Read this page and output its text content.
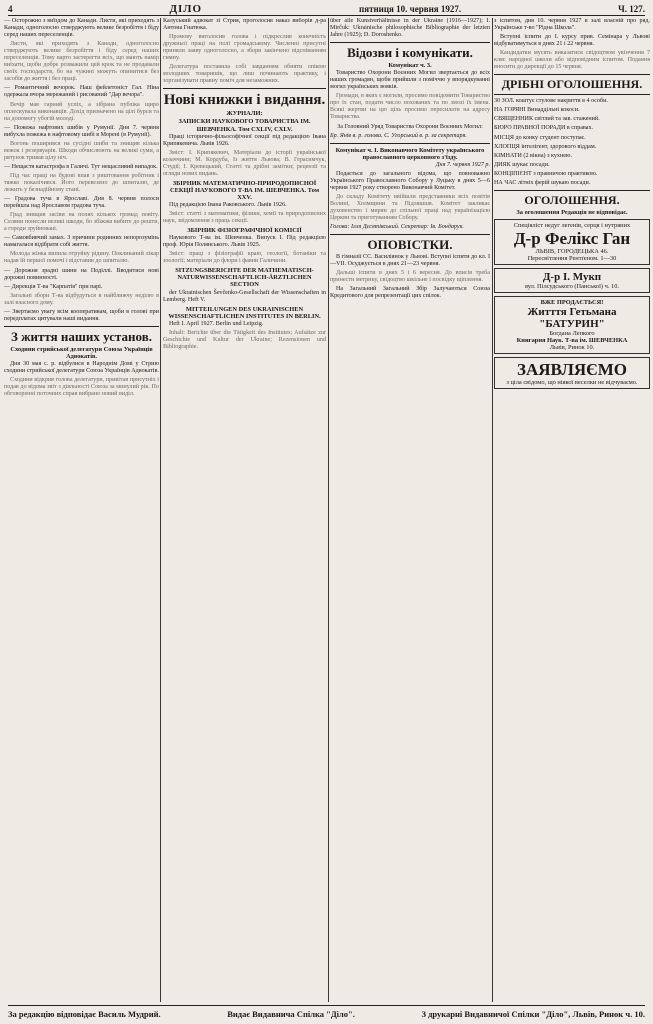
4	ДІЛО	пятниця 10. червня 1927.	Ч. 127.

— Осторожно з виїздом до Канади. Листи, які приходять з Канади, одноголосно стверджують велике безробіття і біду серед наших переселенців.

Листи, які приходять з Канади, одноголосно стверджують велике безробіття і біду серед наших переселенців. Тому варто застерегти всіх, що мають намір виїхати, щоби добре розважили цей крок та не продавали своїх господарств, бо на чужині можуть опинитися без засобів до життя і без праці.

— Романтичний вечорок. Наш фейлетоніст Гал. Ніна одержала вчора мережаний і рисований "Дар вечора".

Вечір мав гарний успіх, а зібрана публіка щиро оплескувала виконавців. Дохід призначено на цілі бурси та на допомогу убогій молоді.

— Пожежа нафтових шибів у Румунії. Дня 7. червня вибухла пожежа в нафтовому шибі в Морені (в Румунії).

Вогонь поширився на сусідні шиби та знищив кілька вежок і резервуарів. Шкоди обчислюють на великі суми, а рятунок тривав цілу ніч.

— Нещастя катастрофа в Галичі. Тут нещасливий випадок.

Під час праці на будові впав з риштовання робітник і тяжко покалічився. Його перевезено до шпиталю, де лежить у безнадійному стані.

— Градова туча в Ярославі. Дня 8. червня полоси перейшла над Ярославом градова туча.

Град знищив засіви на полях кількох громад повіту. Селяни понесли великі шкоди, бо збіжжя вибите до решти, а городи зруйновані.

— Самовбивчий замах. З причини родинних непорозумінь намагалася відібрати собі життя.

Молода жінка випила отруйну рідину. Покликаний лікар надав їй першої помочі і відставив до шпиталю.

— Дорожня зрадні шини на Поділлі. Вводитися нові дорожні повинності.

— Дирекція Т-ва "Карпатія" при парі.

Загальні збори Т-ва відбудуться в найближчу неділю в залі власного дому.

— Звертаємо увагу всім кооперативам, щоби в голові при передплатах цитували наші видання.

З життя наших установ.
Сходини стрийської делегатури Союза Українців Адвокатів.

Дня 30 мая с. р. відбулися в Народнім Домі у Стрию сходини стрийської делегатури Союза Українців Адвокатів.

Сходини відкрив голова делегатури, привітав присутніх і подав до відома звіт з діяльності Союза за минулий рік. По обговоренні поточних справ вибрано новий виділ.

Калуський адвокат зі Стрия, проголосив наказ виборів д-ра Антона Гнатюка.

Промову виголосив голова і підкреслив конечність дружньої праці на полі громадському. Численні присутні приняли заяву одноголосно, а збори закінчено відспіванням гимну.

Делегатура поставила собі завданням обняти опікою молодших товаришів, що лиш починають практику, і зорганізувати правну поміч для незаможних.

Нові книжки і видання.
ЖУРНАЛИ:
ЗАПИСКИ НАУКОВОГО ТОВАРИСТВА ІМ. ШЕВЧЕНКА. Том CXLIV, CXLV.

Праці історично-фільософічної секції під редакцією Івана Крипякевича. Львів 1926.

Зміст: І. Крипякевич, Матеріали до історії української козаччини; М. Кордуба, Із життя Львова; В. Герасимчук, Студії; І. Кревецький, Статті та дрібні замітки; рецензії та огляди нових видань.

ЗБІРНИК МАТЕМАТИЧНО-ПРИРОДОПИСНОЇ СЕКЦІЇ НАУКОВОГО Т-ВА ІМ. ШЕВЧЕНКА. Том XXV.

Під редакцією Івана Раковського. Львів 1926.

Зміст: статті з математики, фізики, хемії та природописних наук, звідомлення з праць секції.

ЗБІРНИК ФІЗІОГРАФІЧНОЇ КОМІСІЇ

Наукового Т-ва ім. Шевченка. Випуск I. Під редакцією проф. Юрія Полянського. Львів 1925.

Зміст: праці з фізіографії краю, геології, ботаніки та зоології; матеріали до флори і фавни Галичини.

SITZUNGSBERICHTE DER MATHEMATISCH-NATURWISSENSCHAFTLICH-ÄRZTLICHEN SECTION

der Ukrainischen Ševčenko-Gesellschaft der Wissenschaften in Lemberg. Heft V.

MITTEILUNGEN DES UKRAINISCHEN WISSENSCHAFTLICHEN INSTITUTES IN BERLIN.

Heft I. April 1927. Berlin und Leipzig.

Inhalt: Berichte über die Tätigkeit des Institutes; Aufsätze zur Geschichte und Kultur der Ukraine; Rezensionen und Bibliographie.

über alle Kunstverhältnisse in der Ukraine (1916—1927); I. Mirčuk: Ukrainische philosophische Bibliographie der letzten Jahre (1925); D. Doroshenko.

Відозви і комунікати.
Комунікат ч. 3.

Товариство Охорони Воєнних Могил звертається до всіх наших громадян, щоби прийшли з поміччю у впорядкуванні могил українських вояків.

Громади, в яких є могили, просимо повідомити Товариство про їх стан, подати число похованих та по змозі їх імена. Всякі жертви на цю ціль просимо пересилати на адресу Товариства.

За Головний Уряд Товариства Охорони Воєнних Могил:

Бр. Янів в. р. голова. С. Угорський в. р. за секретаря.

Комунікат ч. I. Виконавчого Комітету українського православного церковного з'їзду.

Дня 7. червня 1927 р.

Подається до загального відома, що повноважно Українського Православного Собору у Луцьку в днях 5—6 червня 1927 року створено Виконавчий Комітет.

До складу Комітету ввійшли представники всіх повітів Волині, Холмщини та Підляшшя. Комітет закликає духовенство і мирян до спільної праці над українізацією Церкви та приготуванням Собору.

Голова: Ілля Дєсятівський. Секретар: Ів. Бондарук.

ОПОВІСТКИ.

В гімназії СС. Василіянок у Львові. Вступні іспити до кл. I—VII. Осуджується в днях 21—23 червня.

Дальші іспити в днях 5 і 6 вересня. До вписів треба принести метрику, свідоцтво шкільне і посвідку щіплення.

На Загальний Загальний Збір Залучаються Союза Кредитового для репрезентації цих спілок.

з іспитом, дня 10. червня 1927 в залі власній про ряд. Українське т-во "Рідна Школа".

Вступні іспити до I. курсу прив. Семінара у Львові відбуватимуться в днях 21 і 22 червня.

Кандидатки мусять виказатися свідоцтвом укінчення 7 кляс народної школи або відповідним іспитом. Подання вносити до дирекції до 15 червня.

ДРІБНІ ОГОЛОШЕННЯ.

30 ЗОЛ. коштує стулове накриття в 4 особи.

НА ГОРЯНІ Винаддільні кокоси.

СВЯЩЕННИК світлий та зав. стажений.

БЮРО ПРАВНОЇ ПОРАДИ в справах.

МІСЦЯ до конку студент поступає.

ХЛОПЦЯ інтелігент, здорового віддам.

КІМНАТИ (2 вікна) з кухнею.

ДИЯК шукає посади.

КОНЦІПІЄНТ з правничою практикою.

НА ЧАС літніх ферій шукаю посади.

ОГОЛОШЕННЯ.
За оголошення Редакція не відповідає.
Спеціяліст недуг легенів, серця і нутряних
Д-р Фелікс Ган
ЛЬВІВ, ГОРОДЕЦЬКА 46.
Пересвітлення Рентґеном. 1—30
Д-р І. Мукп
вул. Пілсудського (Панської) ч. 10.
ВЖЕ ПРОДАЄТЬСЯ!
Житття Гетьмана "БАТУРИН"
Богдана Лепкого
Книгарня Наук. Т-ва ім. ШЕВЧЕНКА
Львів, Ринок 10.
ЗАЯВЛЯЄМО
з ціла свідомо, що ніякої веселки не відчуваємо.
За редакцію відповідає Василь Мудрий.	Видає Видавнича Спілка "Діло".	З друкарні Видавничої Спілки "Діло", Львів, Ринок ч. 10.
